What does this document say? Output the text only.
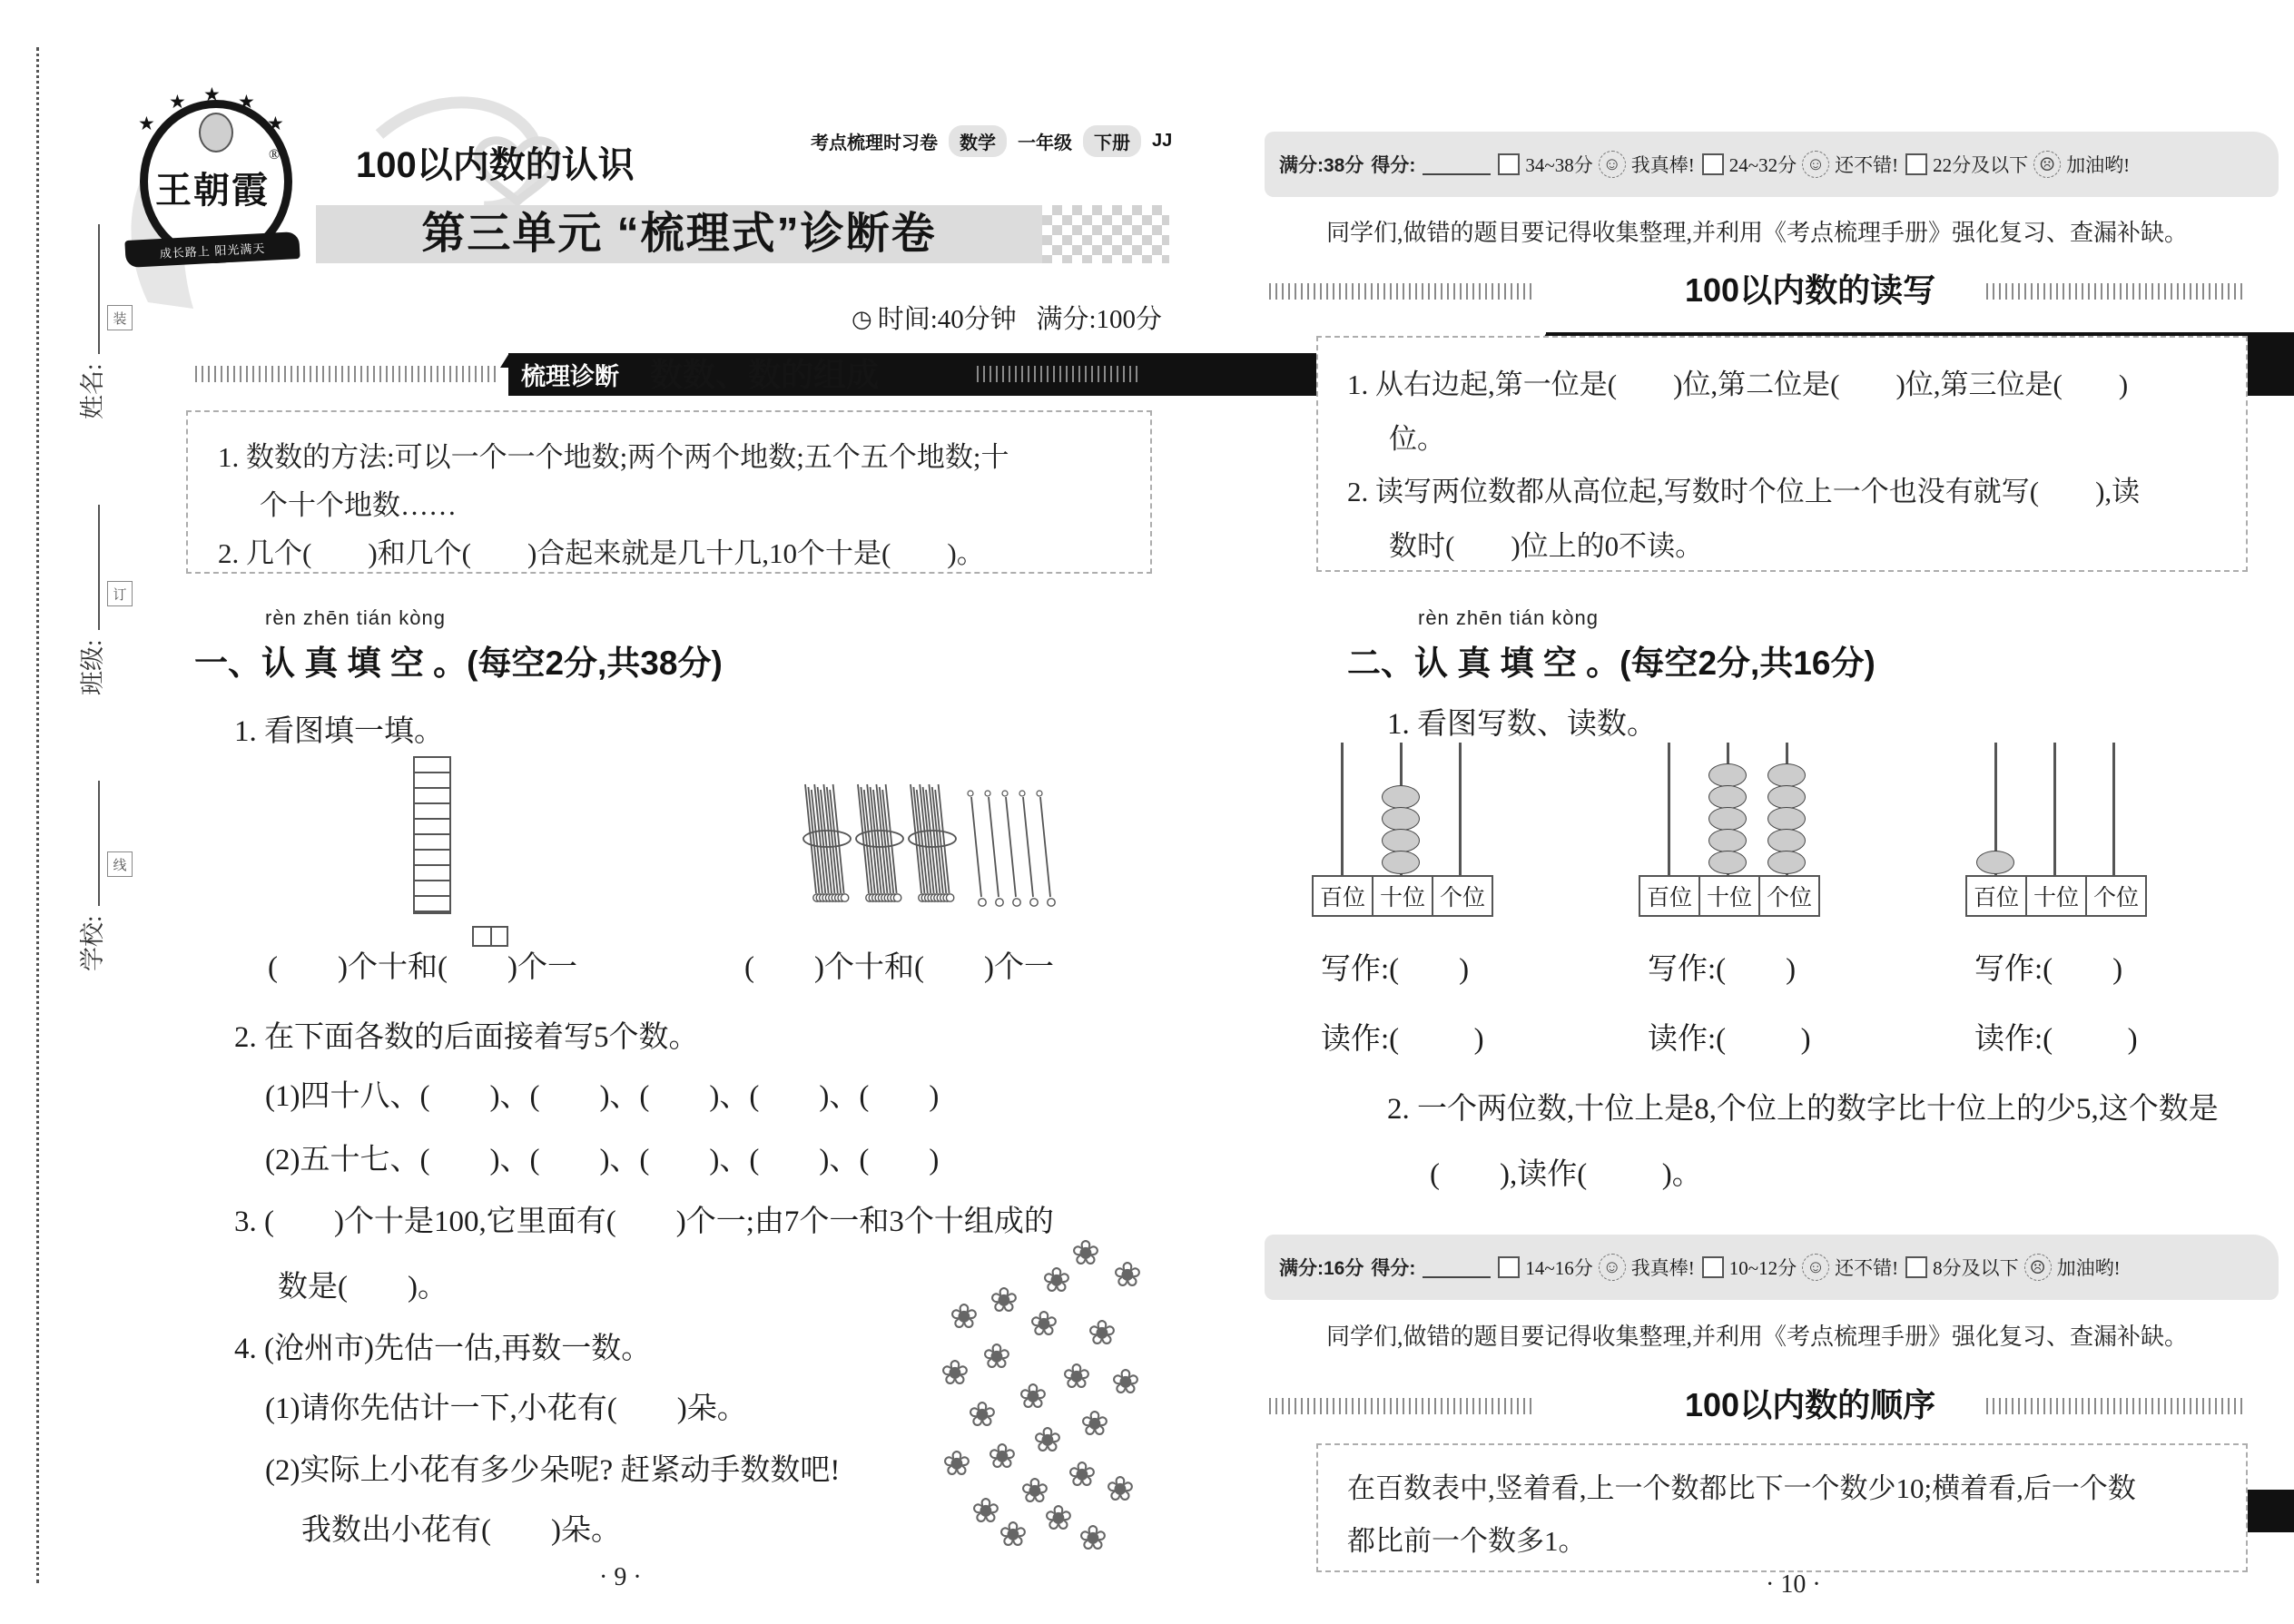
姓名:
班级:
学校:
装
订
线
★
★ ★ ★
★
王朝霞
®
成长路上 阳光满天
考点梳理时习卷	数学	一年级	下册	JJ
100以内数的认识
第三单元 “梳理式”诊断卷
◷
时间:40分钟   满分:100分
梳理诊断 数数、数的组成
1. 数数的方法:可以一个一个地数;两个两个地数;五个五个地数;十
个十个地数……
2. 几个(        )和几个(        )合起来就是几十几,10个十是(        )。
rèn zhēn tián kòng
一、认 真 填 空 。(每空2分,共38分)
1. 看图填一填。
(        )个十和(        )个一	(        )个十和(        )个一
2. 在下面各数的后面接着写5个数。
(1)四十八、(        )、(        )、(        )、(        )、(        )
(2)五十七、(        )、(        )、(        )、(        )、(        )
3. (        )个十是100,它里面有(        )个一;由7个一和3个十组成的
数是(        )。
4. (沧州市)先估一估,再数一数。
(1)请你先估计一下,小花有(        )朵。
(2)实际上小花有多少朵呢? 赶紧动手数数吧!
我数出小花有(        )朵。
❀
❀
❀
❀
❀ ❀ ❀
❀
❀	❀ ❀
❀
❀ ❀
❀
❀
❀	❀
❀ ❀
❀ ❀
❀ ❀
· 9 ·
满分:38分 得分:	34~38分 ☺ 我真棒! 24~32分 ☺ 还不错! 22分及以下 ☹ 加油哟!
同学们,做错的题目要记得收集整理,并利用《考点梳理手册》强化复习、查漏补缺。
100以内数的读写
1. 从右边起,第一位是(        )位,第二位是(        )位,第三位是(        )
位。
2. 读写两位数都从高位起,写数时个位上一个也没有就写(        ),读
数时(        )位上的0不读。
rèn zhēn tián kòng
二、认 真 填 空 。(每空2分,共16分)
1. 看图写数、读数。
百位 十位 个位	百位 十位 个位	百位 十位 个位
写作:(        )	写作:(        )	写作:(        )
读作:(          )	读作:(          )	读作:(          )
2. 一个两位数,十位上是8,个位上的数字比十位上的少5,这个数是
(        ),读作(          )。
满分:16分 得分:	14~16分 ☺ 我真棒! 10~12分 ☺ 还不错! 8分及以下 ☹ 加油哟!
同学们,做错的题目要记得收集整理,并利用《考点梳理手册》强化复习、查漏补缺。
100以内数的顺序
在百数表中,竖着看,上一个数都比下一个数少10;横着看,后一个数
都比前一个数多1。
· 10 ·
